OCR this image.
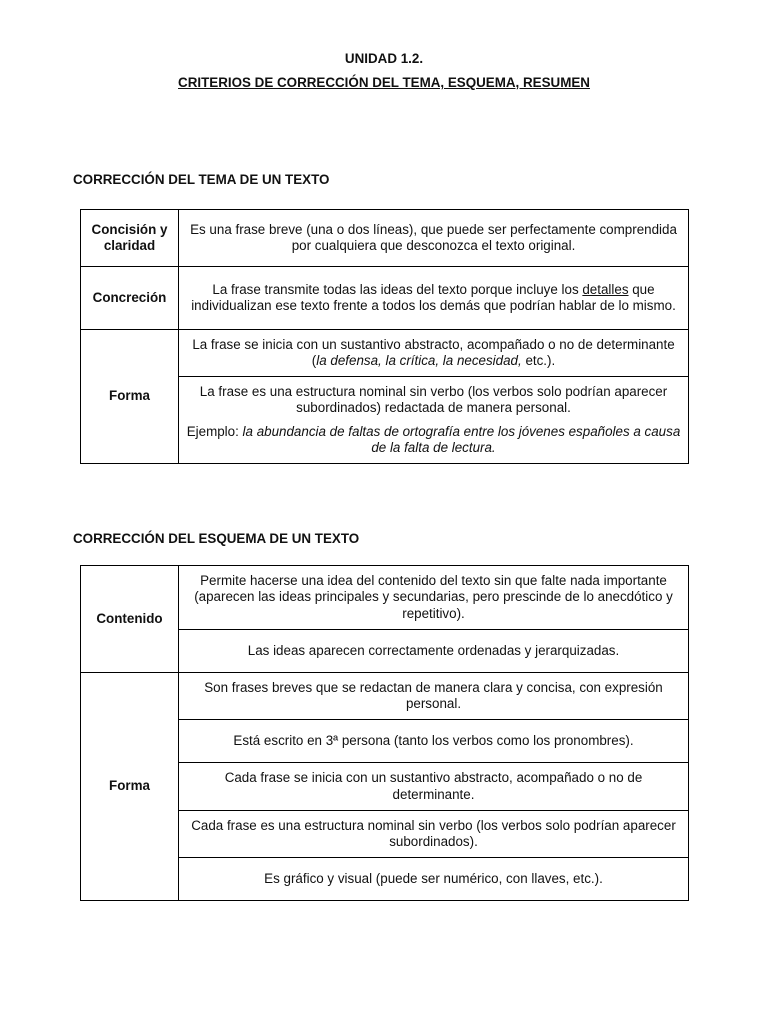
UNIDAD 1.2.
CRITERIOS DE CORRECCIÓN DEL TEMA, ESQUEMA, RESUMEN
CORRECCIÓN DEL TEMA DE UN TEXTO
Concisión y claridad	Es una frase breve (una o dos líneas), que puede ser perfectamente comprendida por cualquiera que desconozca el texto original.
Concreción	La frase transmite todas las ideas del texto porque incluye los detalles que individualizan ese texto frente a todos los demás que podrían hablar de lo mismo.
Forma	La frase se inicia con un sustantivo abstracto, acompañado o no de determinante (la defensa, la crítica, la necesidad, etc.).

	La frase es una estructura nominal sin verbo (los verbos solo podrían aparecer subordinados) redactada de manera personal.
Ejemplo: la abundancia de faltas de ortografía entre los jóvenes españoles a causa de la falta de lectura.
CORRECCIÓN DEL ESQUEMA DE UN TEXTO
Contenido	Permite hacerse una idea del contenido del texto sin que falte nada importante (aparecen las ideas principales y secundarias, pero prescinde de lo anecdótico y repetitivo).
	Las ideas aparecen correctamente ordenadas y jerarquizadas.
Forma	Son frases breves que se redactan de manera clara y concisa, con expresión personal.
	Está escrito en 3ª persona (tanto los verbos como los pronombres).
	Cada frase se inicia con un sustantivo abstracto, acompañado o no de determinante.
	Cada frase es una estructura nominal sin verbo (los verbos solo podrían aparecer subordinados).
	Es gráfico y visual (puede ser numérico, con llaves, etc.).
